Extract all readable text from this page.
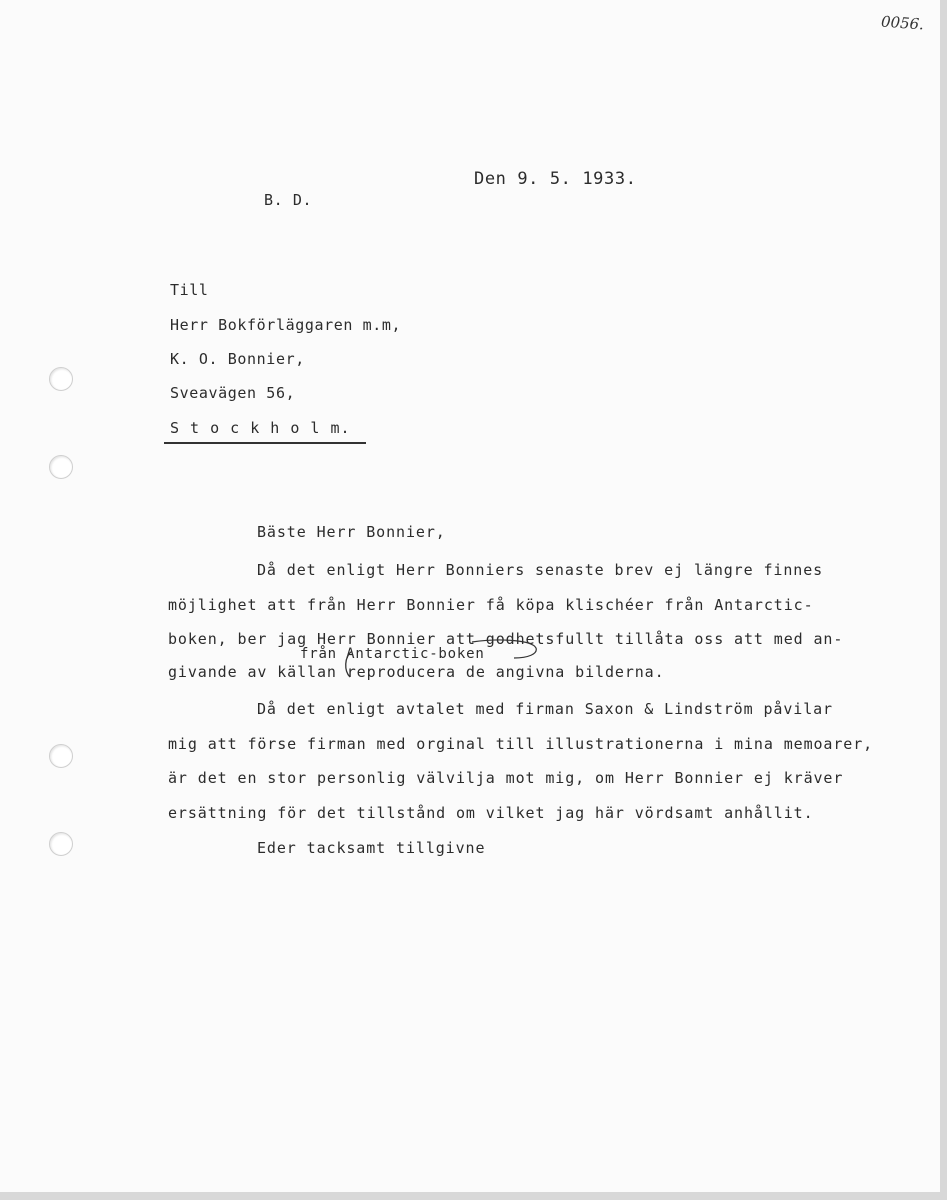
0056.
Den 9. 5. 1933.
B. D.
Till
Herr Bokförläggaren m.m,
K. O. Bonnier,
Sveavägen 56,
S t o c k h o l m.
Bäste Herr Bonnier,
Då det enligt Herr Bonniers senaste brev ej längre finnes
möjlighet att från Herr Bonnier få köpa klischéer från Antarctic-
boken, ber jag Herr Bonnier att godhetsfullt tillåta oss att med an-
från Antarctic-boken
givande av källan reproducera de angivna bilderna.
Då det enligt avtalet med firman Saxon & Lindström påvilar
mig att förse firman med orginal till illustrationerna i mina memoarer,
är det en stor personlig välvilja mot mig, om Herr Bonnier ej kräver
ersättning för det tillstånd om vilket jag här vördsamt anhållit.
Eder tacksamt tillgivne
